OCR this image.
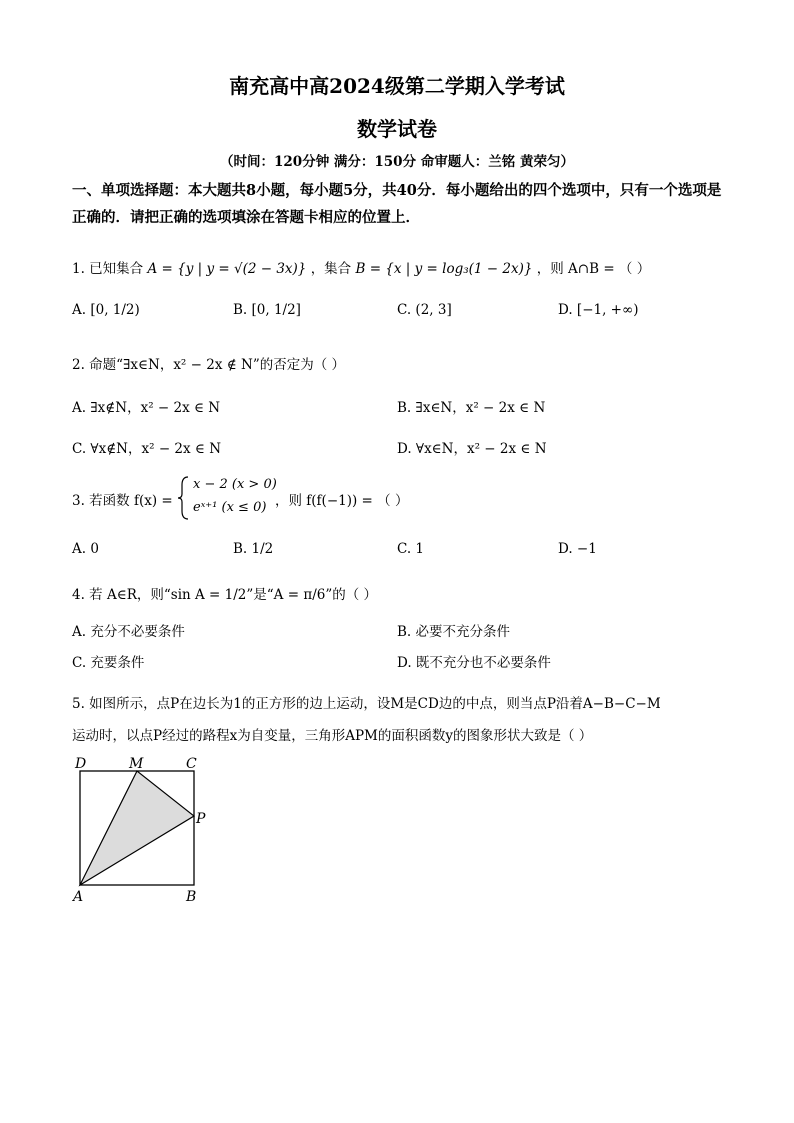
南充高中高2024级第二学期入学考试
数学试卷
（时间：120分钟 满分：150分 命审题人：兰铭 黄荣匀）
一、单项选择题：本大题共8小题，每小题5分，共40分．每小题给出的四个选项中，只有一个选项是正确的．请把正确的选项填涂在答题卡相应的位置上．
1. 已知集合 A = {y | y = √(2 − 3x)} ，集合 B = {x | y = log₃(1 − 2x)} ，则 A∩B = （ ）
A. [0, 1/2)	B. [0, 1/2]	C. (2, 3]	D. [−1, +∞)
2. 命题“∃x∈N，x² − 2x ∉ N”的否定为（ ）
A. ∃x∉N，x² − 2x ∈ N	B. ∃x∈N，x² − 2x ∈ N
C. ∀x∉N，x² − 2x ∈ N	D. ∀x∈N，x² − 2x ∈ N
3. 若函数 f(x) =
x − 2 (x > 0)
eˣ⁺¹ (x ≤ 0) ，则 f(f(−1)) = （ ）
A. 0	B. 1/2	C. 1	D. −1
4. 若 A∈R，则“sin A = 1/2”是“A = π/6”的（ ）
A. 充分不必要条件	B. 必要不充分条件
C. 充要条件	D. 既不充分也不必要条件
5. 如图所示，点P在边长为1的正方形的边上运动，设M是CD边的中点，则当点P沿着A−B−C−M
运动时，以点P经过的路程x为自变量，三角形APM的面积函数y的图象形状大致是（ ）
D	M	C
P
A	B
